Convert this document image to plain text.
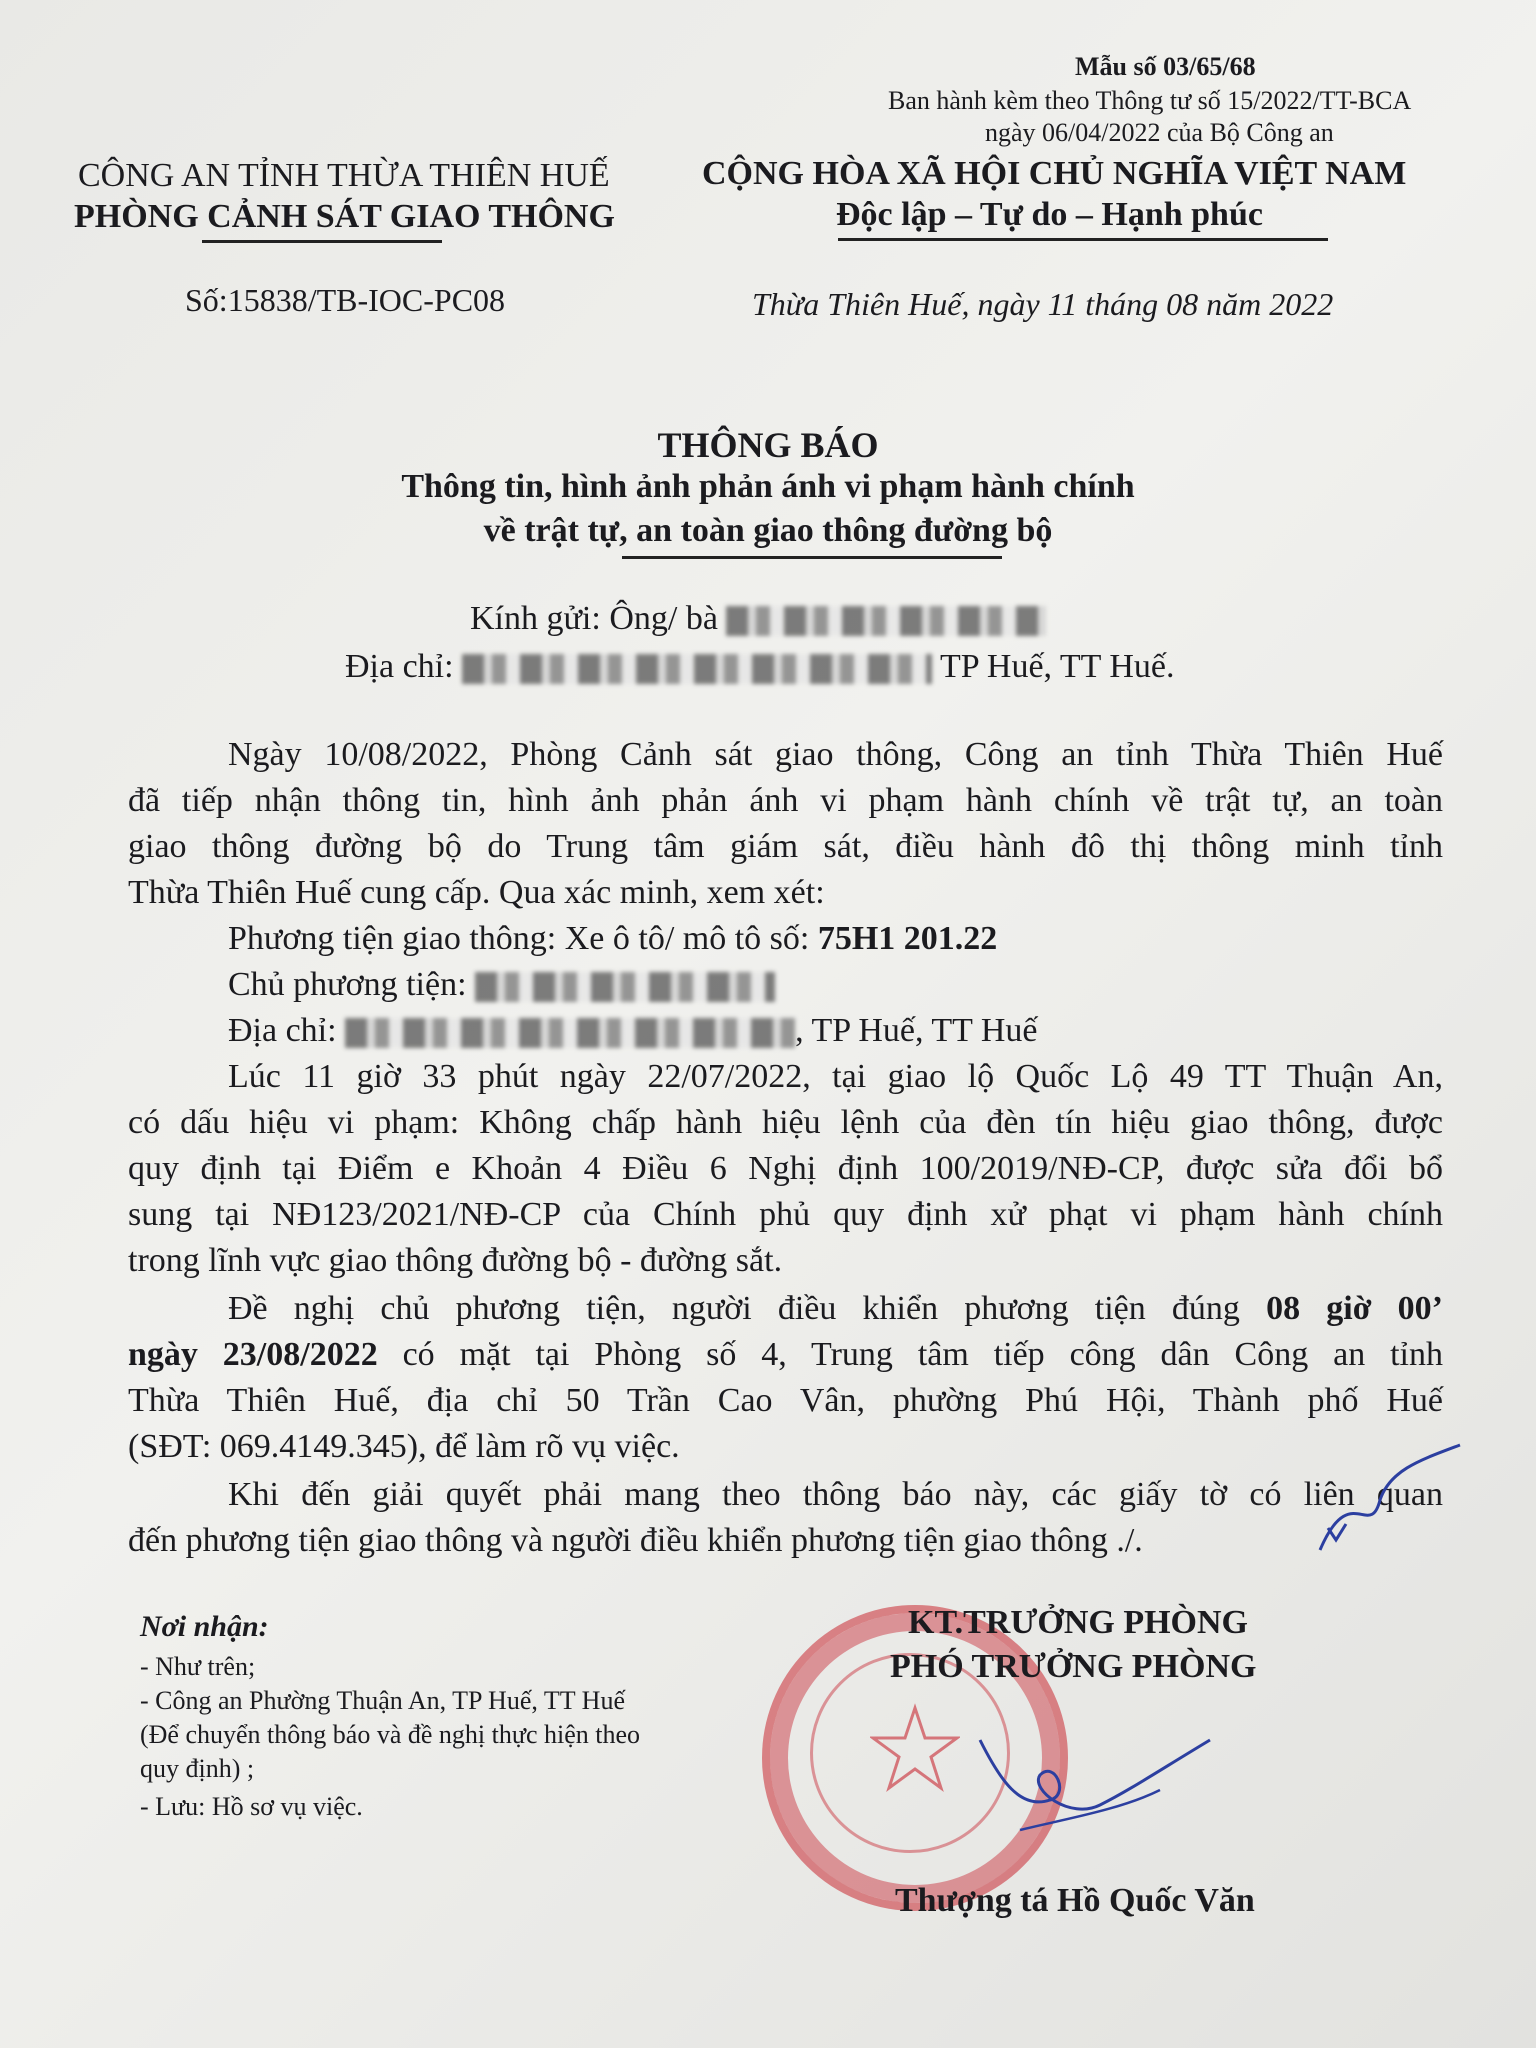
Mẫu số 03/65/68
Ban hành kèm theo Thông tư số 15/2022/TT-BCA
ngày 06/04/2022 của Bộ Công an
CÔNG AN TỈNH THỪA THIÊN HUẾ
PHÒNG CẢNH SÁT GIAO THÔNG
Số:15838/TB-IOC-PC08
CỘNG HÒA XÃ HỘI CHỦ NGHĨA VIỆT NAM
Độc lập – Tự do – Hạnh phúc
Thừa Thiên Huế, ngày 11 tháng 08 năm 2022
THÔNG BÁO
Thông tin, hình ảnh phản ánh vi phạm hành chính
về trật tự, an toàn giao thông đường bộ
Kính gửi: Ông/ bà
Địa chỉ:	TP Huế, TT Huế.
Ngày 10/08/2022, Phòng Cảnh sát giao thông, Công an tỉnh Thừa Thiên Huế
đã tiếp nhận thông tin, hình ảnh phản ánh vi phạm hành chính về trật tự, an toàn
giao thông đường bộ do Trung tâm giám sát, điều hành đô thị thông minh tỉnh
Thừa Thiên Huế cung cấp. Qua xác minh, xem xét:
Phương tiện giao thông: Xe ô tô/ mô tô số: 75H1 201.22
Chủ phương tiện:
Địa chỉ:	, TP Huế, TT Huế
Lúc 11 giờ 33 phút ngày 22/07/2022, tại giao lộ Quốc Lộ 49 TT Thuận An,
có dấu hiệu vi phạm: Không chấp hành hiệu lệnh của đèn tín hiệu giao thông, được
quy định tại Điểm e Khoản 4 Điều 6 Nghị định 100/2019/NĐ-CP, được sửa đổi bổ
sung tại NĐ123/2021/NĐ-CP của Chính phủ quy định xử phạt vi phạm hành chính
trong lĩnh vực giao thông đường bộ - đường sắt.
Đề nghị chủ phương tiện, người điều khiển phương tiện đúng 08 giờ 00’
ngày 23/08/2022 có mặt tại Phòng số 4, Trung tâm tiếp công dân Công an tỉnh
Thừa Thiên Huế, địa chỉ 50 Trần Cao Vân, phường Phú Hội, Thành phố Huế
(SĐT: 069.4149.345), để làm rõ vụ việc.
Khi đến giải quyết phải mang theo thông báo này, các giấy tờ có liên quan
đến phương tiện giao thông và người điều khiển phương tiện giao thông ./.
Nơi nhận:
- Như trên;
- Công an Phường Thuận An, TP Huế, TT Huế
(Để chuyển thông báo và đề nghị thực hiện theo
quy định) ;
- Lưu: Hồ sơ vụ việc.
KT.TRƯỞNG PHÒNG
PHÓ TRƯỞNG PHÒNG
Thượng tá Hồ Quốc Văn
